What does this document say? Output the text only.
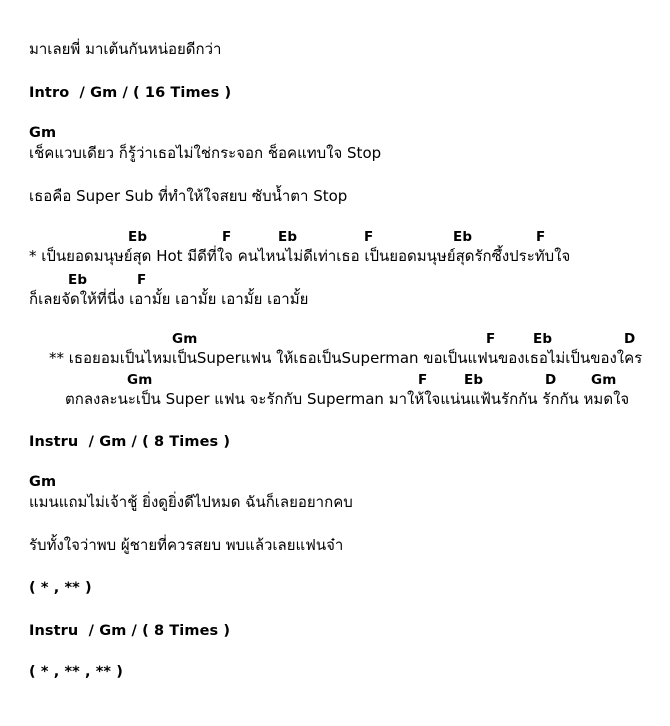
มาเลยพี่ มาเต้นกันหน่อยดีกว่า
Intro  / Gm / ( 16 Times )
Gm
เช็คแวบเดียว ก็รู้ว่าเธอไม่ใช่กระจอก ช็อคแทบใจ Stop
เธอคือ Super Sub ที่ทำให้ใจสยบ ซับน้ำตา Stop
* เป็นยอดมนุษย์สุด Hot มีดีที่ใจ คนไหนไม่ดีเท่าเธอ เป็นยอดมนุษย์สุดรักซึ้งประทับใจ
ก็เลยจัดให้ที่นี่ง เอามั้ย เอามั้ย เอามั้ย เอามั้ย
** เธอยอมเป็นไหมเป็นSuperแฟน ให้เธอเป็นSuperman ขอเป็นแฟนของเธอไม่เป็นของใคร
ตกลงละนะเป็น Super แฟน จะรักกับ Superman มาให้ใจแน่นแฟ้นรักกัน รักกัน หมดใจ
Instru  / Gm / ( 8 Times )
Gm
แมนแถมไม่เจ้าชู้ ยิ่งดูยิ่งดีไปหมด ฉันก็เลยอยากคบ
รับทั้งใจว่าพบ ผู้ชายที่ควรสยบ พบแล้วเลยแฟนจ๋า
( * , ** )
Instru  / Gm / ( 8 Times )
( * , ** , ** )
Eb	F	Eb	F	Eb	F
Eb	F
Gm	F	Eb	D
Gm	F	Eb	D	Gm
